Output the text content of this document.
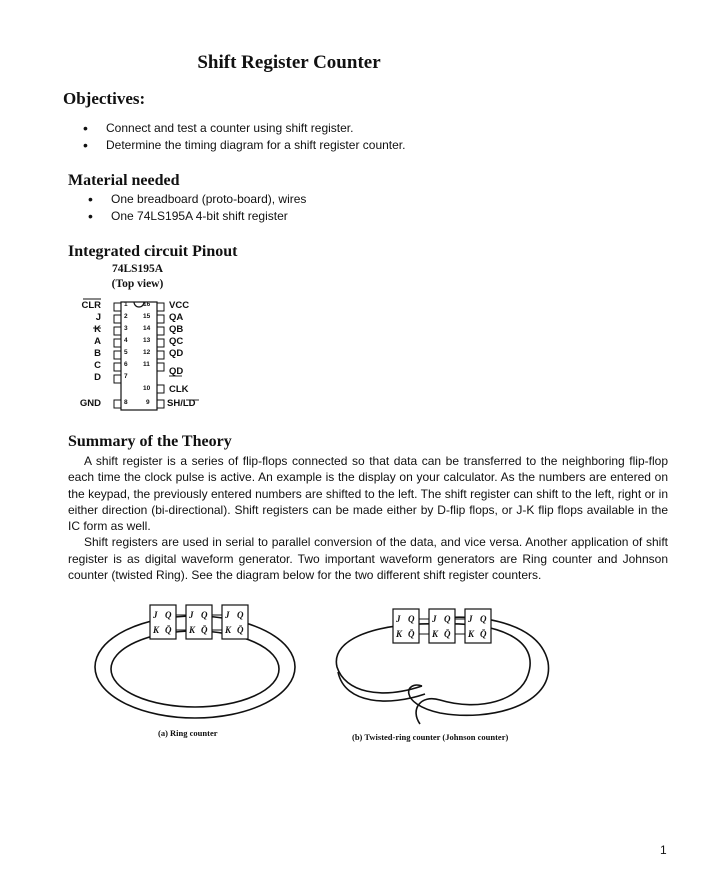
Shift Register Counter
Objectives:
• Connect and test a counter using shift register.
• Determine the timing diagram for a shift register counter.
Material needed
• One breadboard (proto-board), wires
• One 74LS195A 4-bit shift register
Integrated circuit Pinout
74LS195A
(Top view)
CLR
J
K
A
B
C
D
GND
1
2
3
4
5
6
7
8
16
15
14
13
12
11
10
9
VCC
QA
QB
QC
QD
QD
CLK
SH/LD
Summary of the Theory

A shift register is a series of flip-flops connected so that data can be transferred to the neighboring flip-flop each time the clock pulse is active. An example is the display on your calculator. As the numbers are entered on the keypad, the previously entered numbers are shifted to the left. The shift register can shift to the left, right or in either direction (bi-directional). Shift registers can be made either by D-flip flops, or J-K flip flops available in the IC form as well.

Shift registers are used in serial to parallel conversion of the data, and vice versa. Another application of shift register is as digital waveform generator. Two important waveform generators are Ring counter and Johnson counter (twisted Ring). See the diagram below for the two different shift register counters.

J
K
Q
Q̄
J
K
Q
Q̄
J
K
Q
Q̄
J
K
Q
Q̄
J
K
Q
Q̄
J
K
Q
Q̄
(a) Ring counter	(b) Twisted-ring counter (Johnson counter)
1
